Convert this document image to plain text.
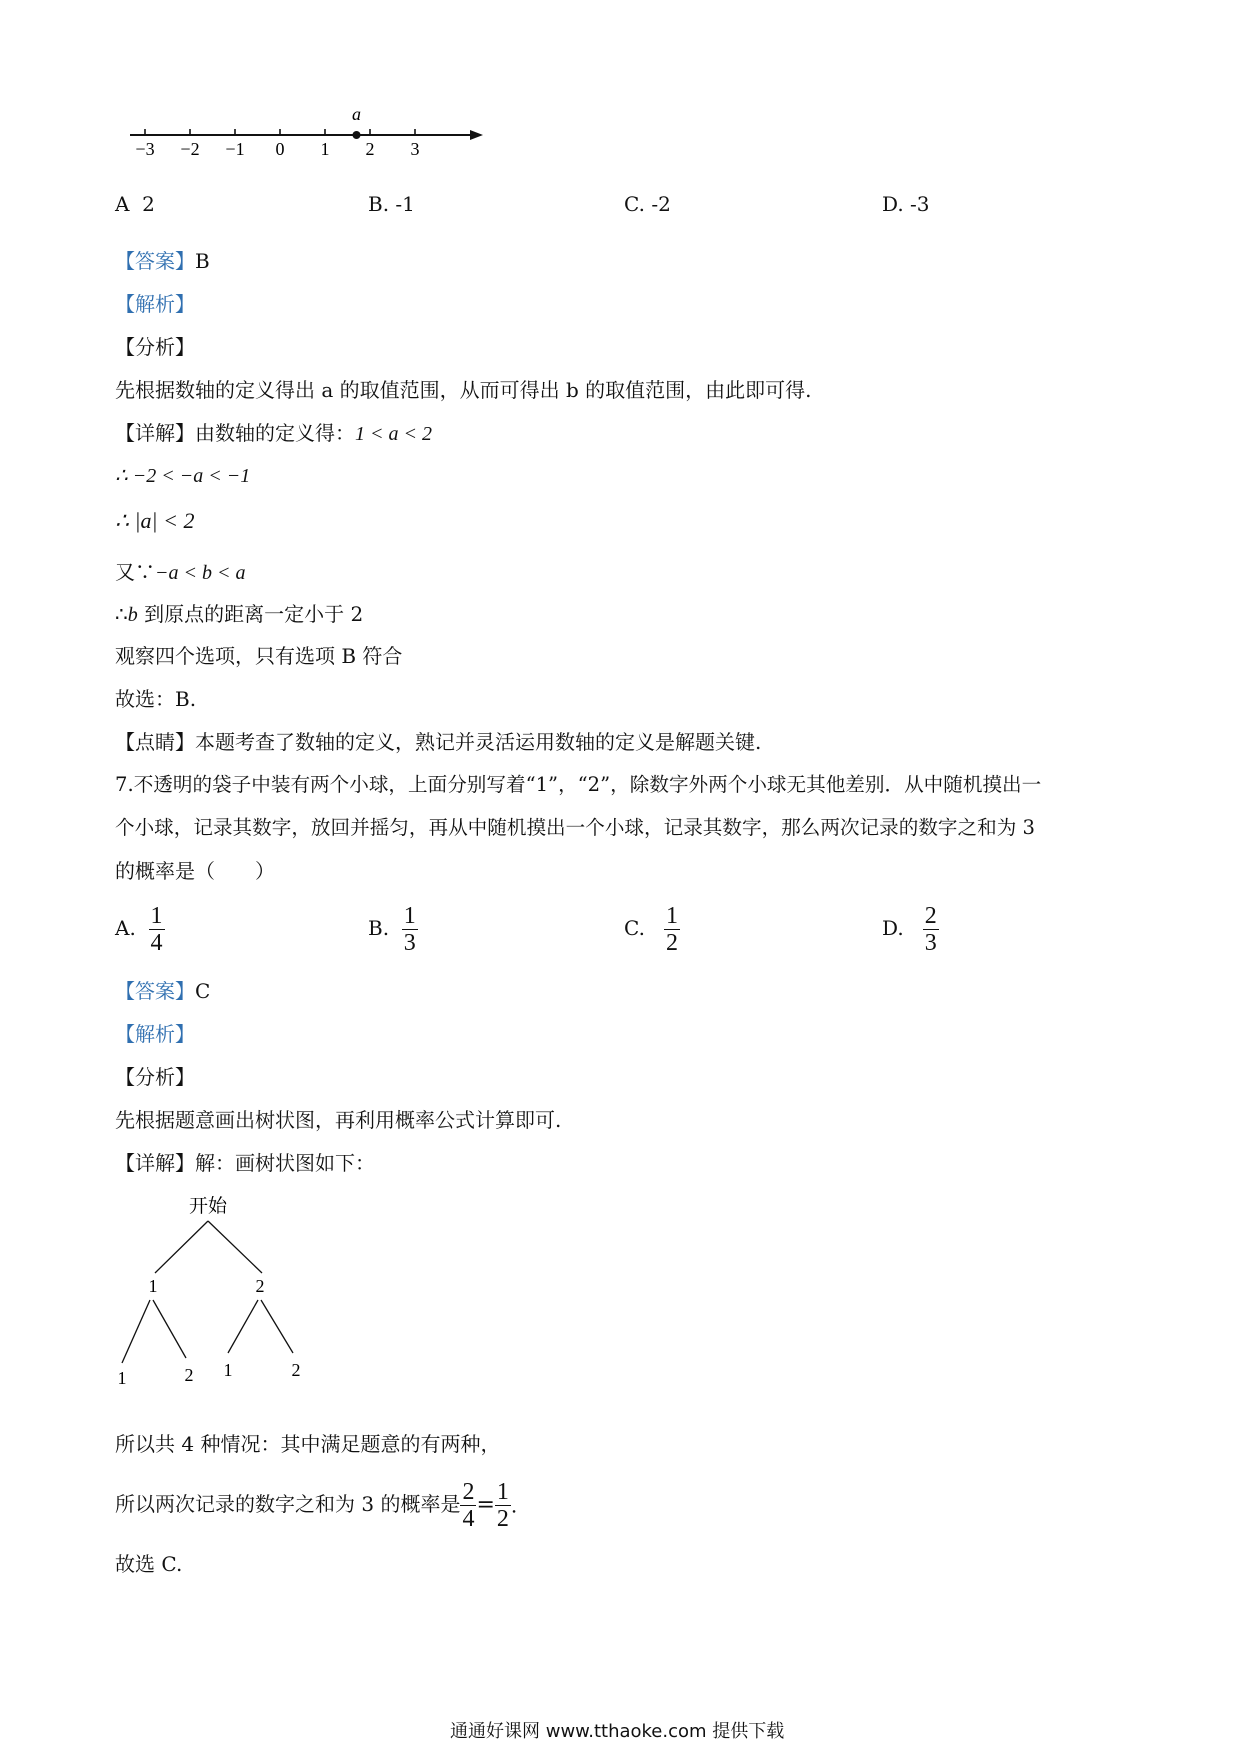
−3 −2 −1 0 1 2 3
a
A 2	B. -1	C. -2	D. -3
【答案】B
【解析】
【分析】
先根据数轴的定义得出 a 的取值范围，从而可得出 b 的取值范围，由此即可得.
【详解】由数轴的定义得：1 < a < 2
∴ −2 < −a < −1
∴ |a| < 2
又∵−a < b < a
∴b 到原点的距离一定小于 2
观察四个选项，只有选项 B 符合
故选：B.
【点睛】本题考查了数轴的定义，熟记并灵活运用数轴的定义是解题关键.
7.不透明的袋子中装有两个小球，上面分别写着“1”，“2”，除数字外两个小球无其他差别．从中随机摸出一
个小球，记录其数字，放回并摇匀，再从中随机摸出一个小球，记录其数字，那么两次记录的数字之和为 3
的概率是（　　）
A. $\frac{1}{4}$	B. $\frac{1}{3}$	C. $\frac{1}{2}$	D. $\frac{2}{3}$
【答案】C
【解析】
【分析】
先根据题意画出树状图，再利用概率公式计算即可.
【详解】解：画树状图如下：
开始
1	2
1	2 1	2
所以共 4 种情况：其中满足题意的有两种，
所以两次记录的数字之和为 3 的概率是 $\frac{2}{4} = \frac{1}{2}$ .
故选 C.
通通好课网 www.tthaoke.com 提供下载
